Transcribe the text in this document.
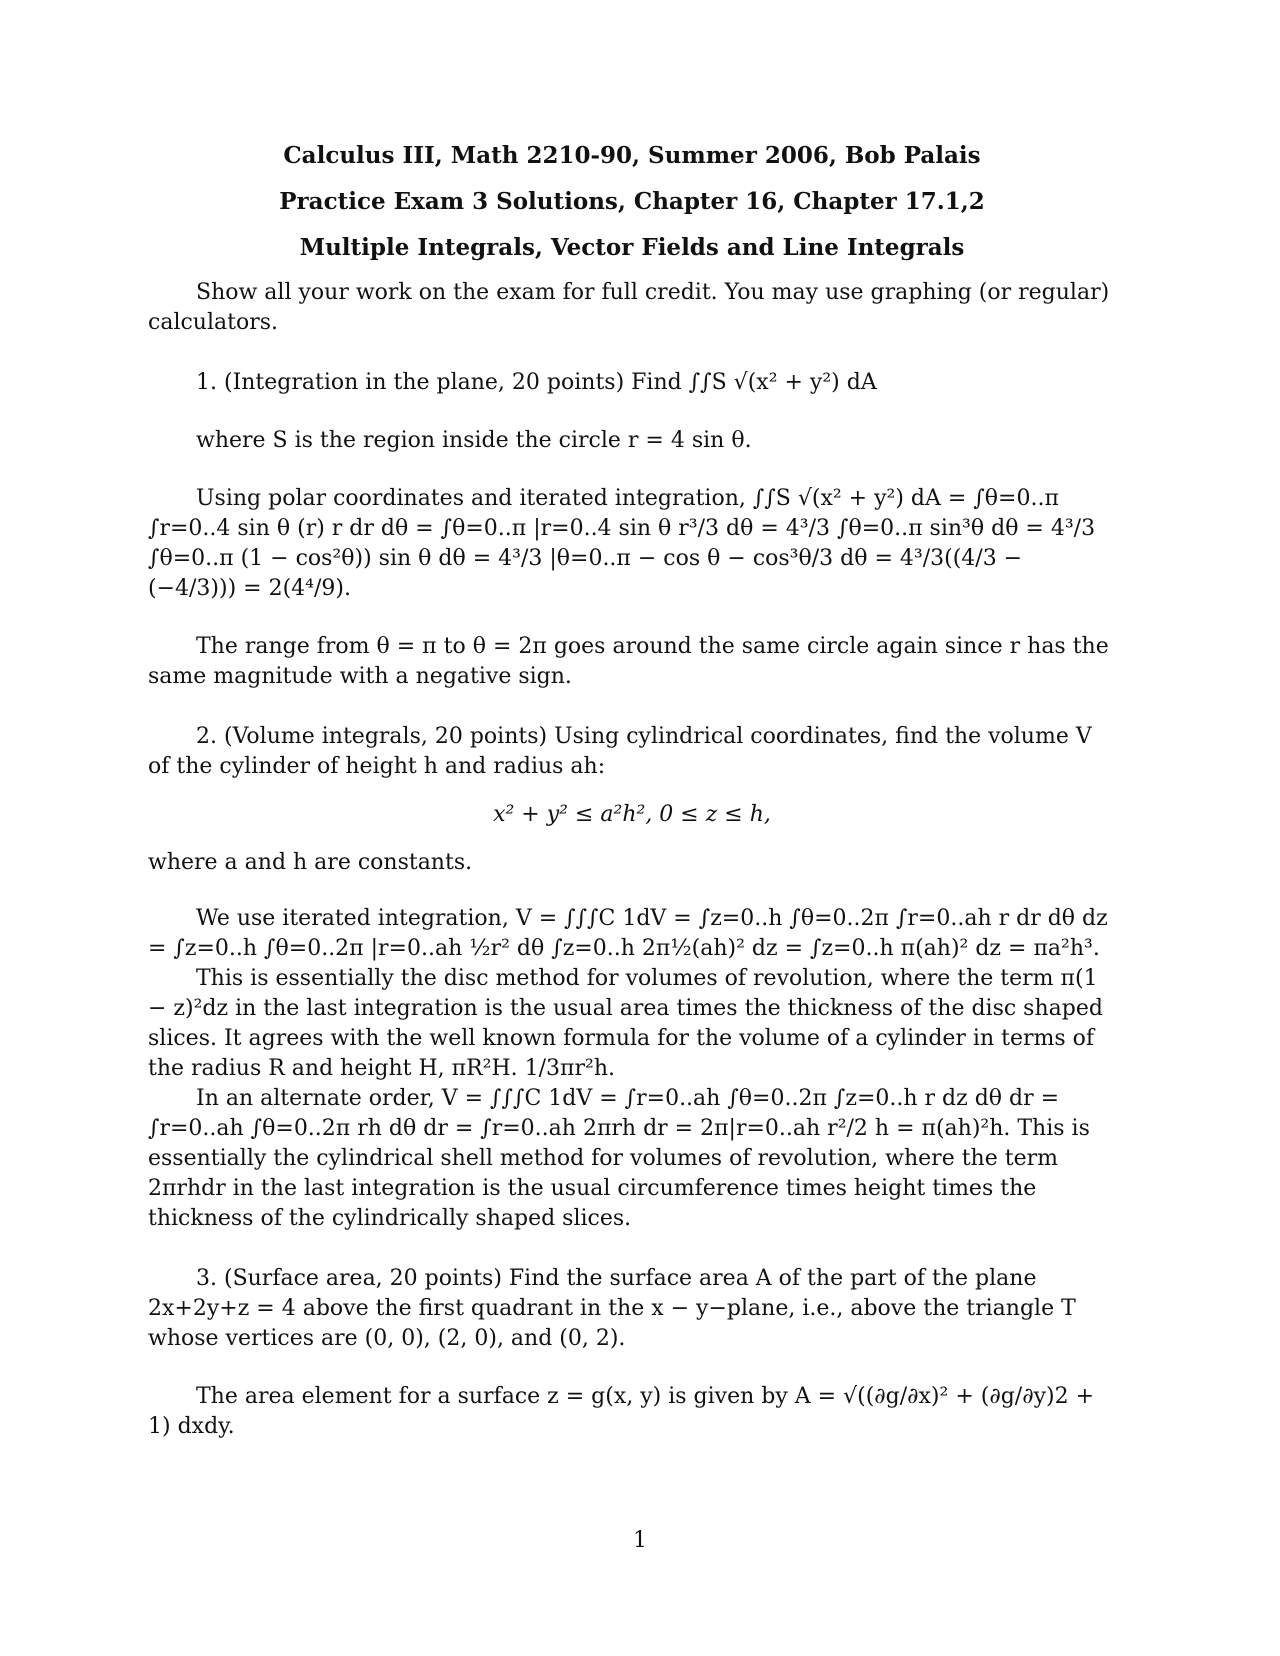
Calculus III, Math 2210-90, Summer 2006, Bob Palais
Practice Exam 3 Solutions, Chapter 16, Chapter 17.1,2
Multiple Integrals, Vector Fields and Line Integrals

Show all your work on the exam for full credit. You may use graphing (or regular) calculators.

1. (Integration in the plane, 20 points) Find ∫∫S √(x² + y²) dA

where S is the region inside the circle r = 4 sin θ.

Using polar coordinates and iterated integration, ∫∫S √(x² + y²) dA = ∫θ=0..π ∫r=0..4 sin θ (r) r dr dθ = ∫θ=0..π |r=0..4 sin θ r³/3 dθ = 4³/3 ∫θ=0..π sin³θ dθ = 4³/3 ∫θ=0..π (1 − cos²θ)) sin θ dθ = 4³/3 |θ=0..π − cos θ − cos³θ/3 dθ = 4³/3((4/3 − (−4/3))) = 2(4⁴/9).

The range from θ = π to θ = 2π goes around the same circle again since r has the same magnitude with a negative sign.

2. (Volume integrals, 20 points) Using cylindrical coordinates, find the volume V of the cylinder of height h and radius ah:

x² + y² ≤ a²h², 0 ≤ z ≤ h,

where a and h are constants.

We use iterated integration, V = ∫∫∫C 1dV = ∫z=0..h ∫θ=0..2π ∫r=0..ah r dr dθ dz = ∫z=0..h ∫θ=0..2π |r=0..ah ½r² dθ ∫z=0..h 2π½(ah)² dz = ∫z=0..h π(ah)² dz = πa²h³.

This is essentially the disc method for volumes of revolution, where the term π(1 − z)²dz in the last integration is the usual area times the thickness of the disc shaped slices. It agrees with the well known formula for the volume of a cylinder in terms of the radius R and height H, πR²H. 1/3πr²h.

In an alternate order, V = ∫∫∫C 1dV = ∫r=0..ah ∫θ=0..2π ∫z=0..h r dz dθ dr = ∫r=0..ah ∫θ=0..2π rh dθ dr = ∫r=0..ah 2πrh dr = 2π|r=0..ah r²/2 h = π(ah)²h. This is essentially the cylindrical shell method for volumes of revolution, where the term 2πrhdr in the last integration is the usual circumference times height times the thickness of the cylindrically shaped slices.

3. (Surface area, 20 points) Find the surface area A of the part of the plane 2x+2y+z = 4 above the first quadrant in the x − y−plane, i.e., above the triangle T whose vertices are (0, 0), (2, 0), and (0, 2).

The area element for a surface z = g(x, y) is given by A = √((∂g/∂x)² + (∂g/∂y)2 + 1) dxdy.

1
